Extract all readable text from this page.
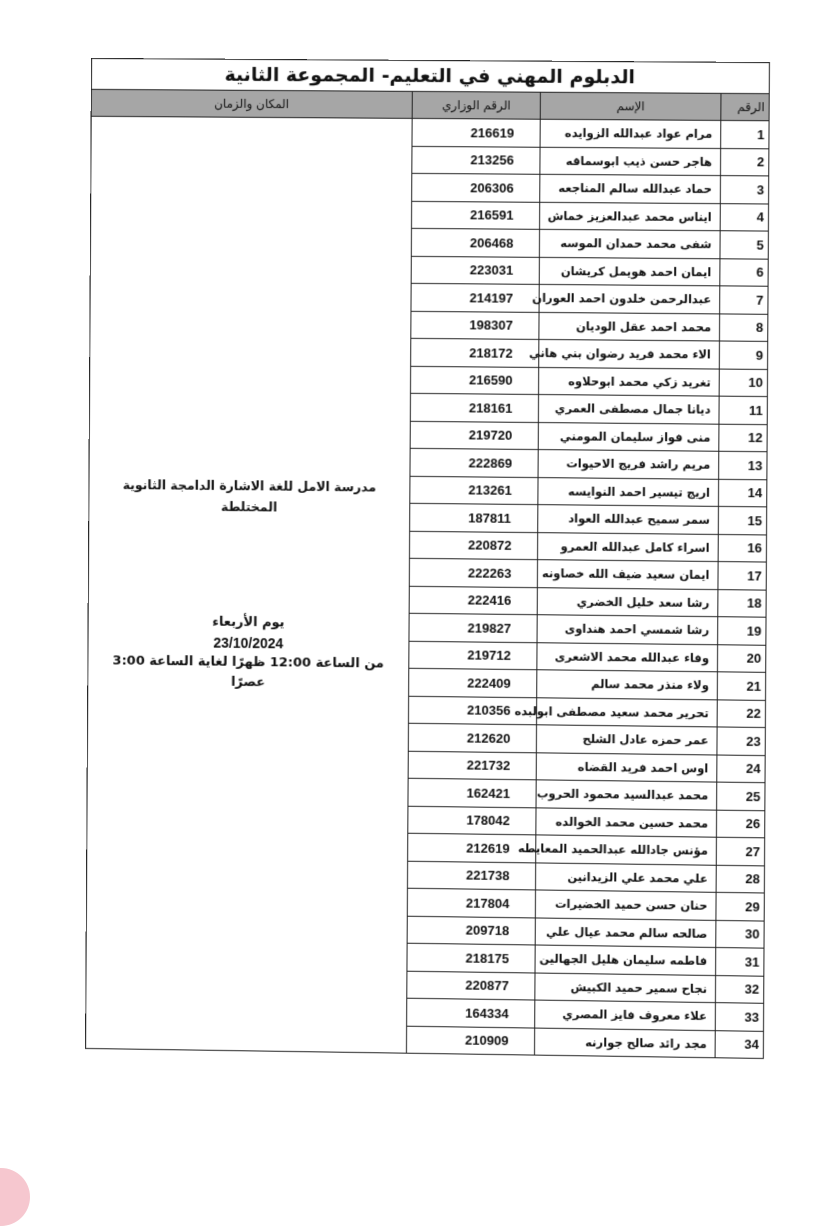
الدبلوم المهني في التعليم- المجموعة الثانية			
الرقم	الإسم	الرقم الوزاري	المكان والزمان
1	مرام عواد عبدالله الزوايده	216619	مدرسة الامل للغة الاشارة الدامجة الثانوية المختلطة
يوم الأربعاء
23/10/2024
من الساعة 12:00 ظهرًا لغاية الساعة 3:00 عصرًا

2	هاجر حسن ذيب ابوسماقه	213256	
3	حماد عبدالله سالم المناجعه	206306	
4	ايناس محمد عبدالعزيز خماش	216591	
5	شفى محمد حمدان الموسه	206468	
6	ايمان احمد هويمل كريشان	223031	
7	عبدالرحمن خلدون احمد العوران	214197	
8	محمد احمد عقل الوديان	198307	
9	الاء محمد فريد رضوان بني هاني	218172	
10	تغريد زكي محمد ابوحلاوه	216590	
11	ديانا جمال مصطفى العمري	218161	
12	منى فواز سليمان المومني	219720	
13	مريم راشد فريج الاحيوات	222869	
14	اريج تيسير احمد النوايسه	213261	
15	سمر سميح عبدالله العواد	187811	
16	اسراء كامل عبدالله العمرو	220872	
17	ايمان سعيد ضيف الله خصاونه	222263	
18	رشا سعد خليل الخضري	222416	
19	رشا شمسي احمد هنداوى	219827	
20	وفاء عبدالله محمد الاشعرى	219712	
21	ولاء منذر محمد سالم	222409	
22	تحرير محمد سعيد مصطفى ابولبده	210356	
23	عمر حمزه عادل الشلح	212620	
24	اوس احمد فريد القضاه	221732	
25	محمد عبدالسيد محمود الحروب	162421	
26	محمد حسين محمد الخوالده	178042	
27	مؤنس جادالله عبدالحميد المعايطه	212619	
28	علي محمد علي الزيدانين	221738	
29	حنان حسن حميد الخضيرات	217804	
30	صالحه سالم محمد عيال علي	209718	
31	فاطمه سليمان هليل الجهالين	218175	
32	نجاح سمير حميد الكبيش	220877	
33	علاء معروف فايز المصري	164334	
34	مجد رائد صالح جوارنه	210909	
